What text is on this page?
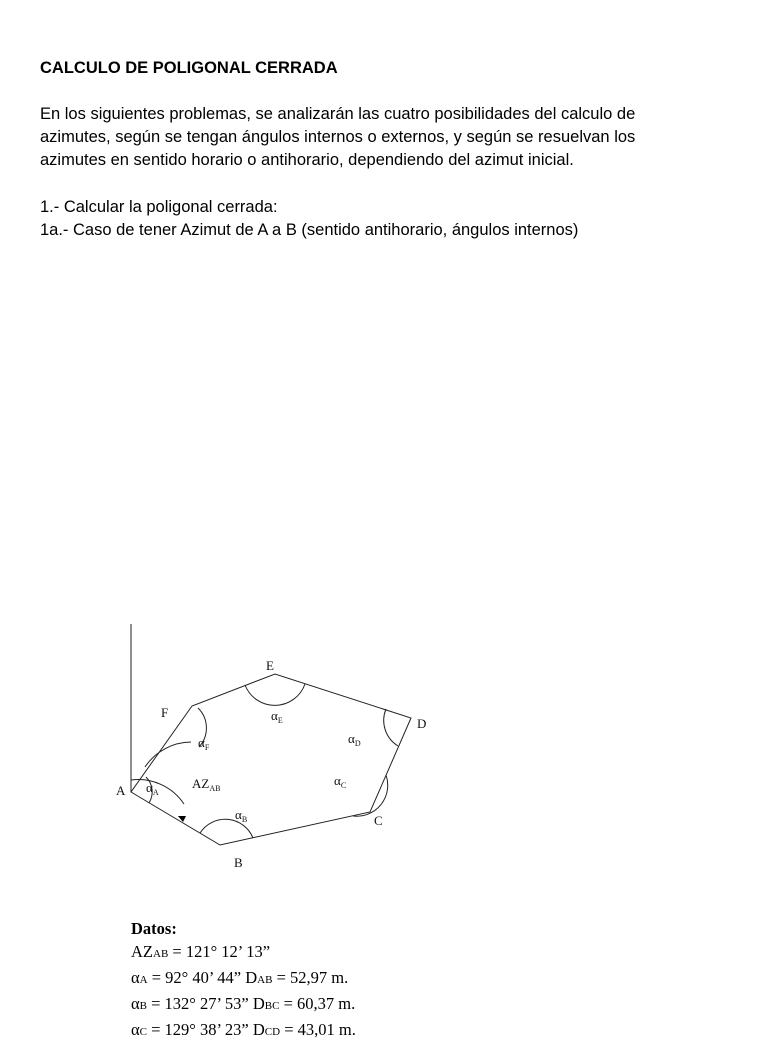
CALCULO DE POLIGONAL CERRADA
En los siguientes problemas, se analizarán las cuatro posibilidades del calculo de
azimutes, según se tengan ángulos internos o externos, y según se resuelvan los
azimutes en sentido horario o antihorario, dependiendo del azimut inicial.
1.- Calcular la poligonal cerrada:
1a.- Caso de tener Azimut de A a B (sentido antihorario, ángulos internos)
A
B
C
D
E
F
$\alpha_A$
$\alpha_B$
$\alpha_C$
$\alpha_D$
$\alpha_E$
$\alpha_F$
$AZ_{AB}$
Datos:
AZAB = 121° 12’ 13”
αA = 92° 40’ 44” DAB = 52,97 m.
αB = 132° 27’ 53” DBC = 60,37 m.
αC = 129° 38’ 23” DCD = 43,01 m.
